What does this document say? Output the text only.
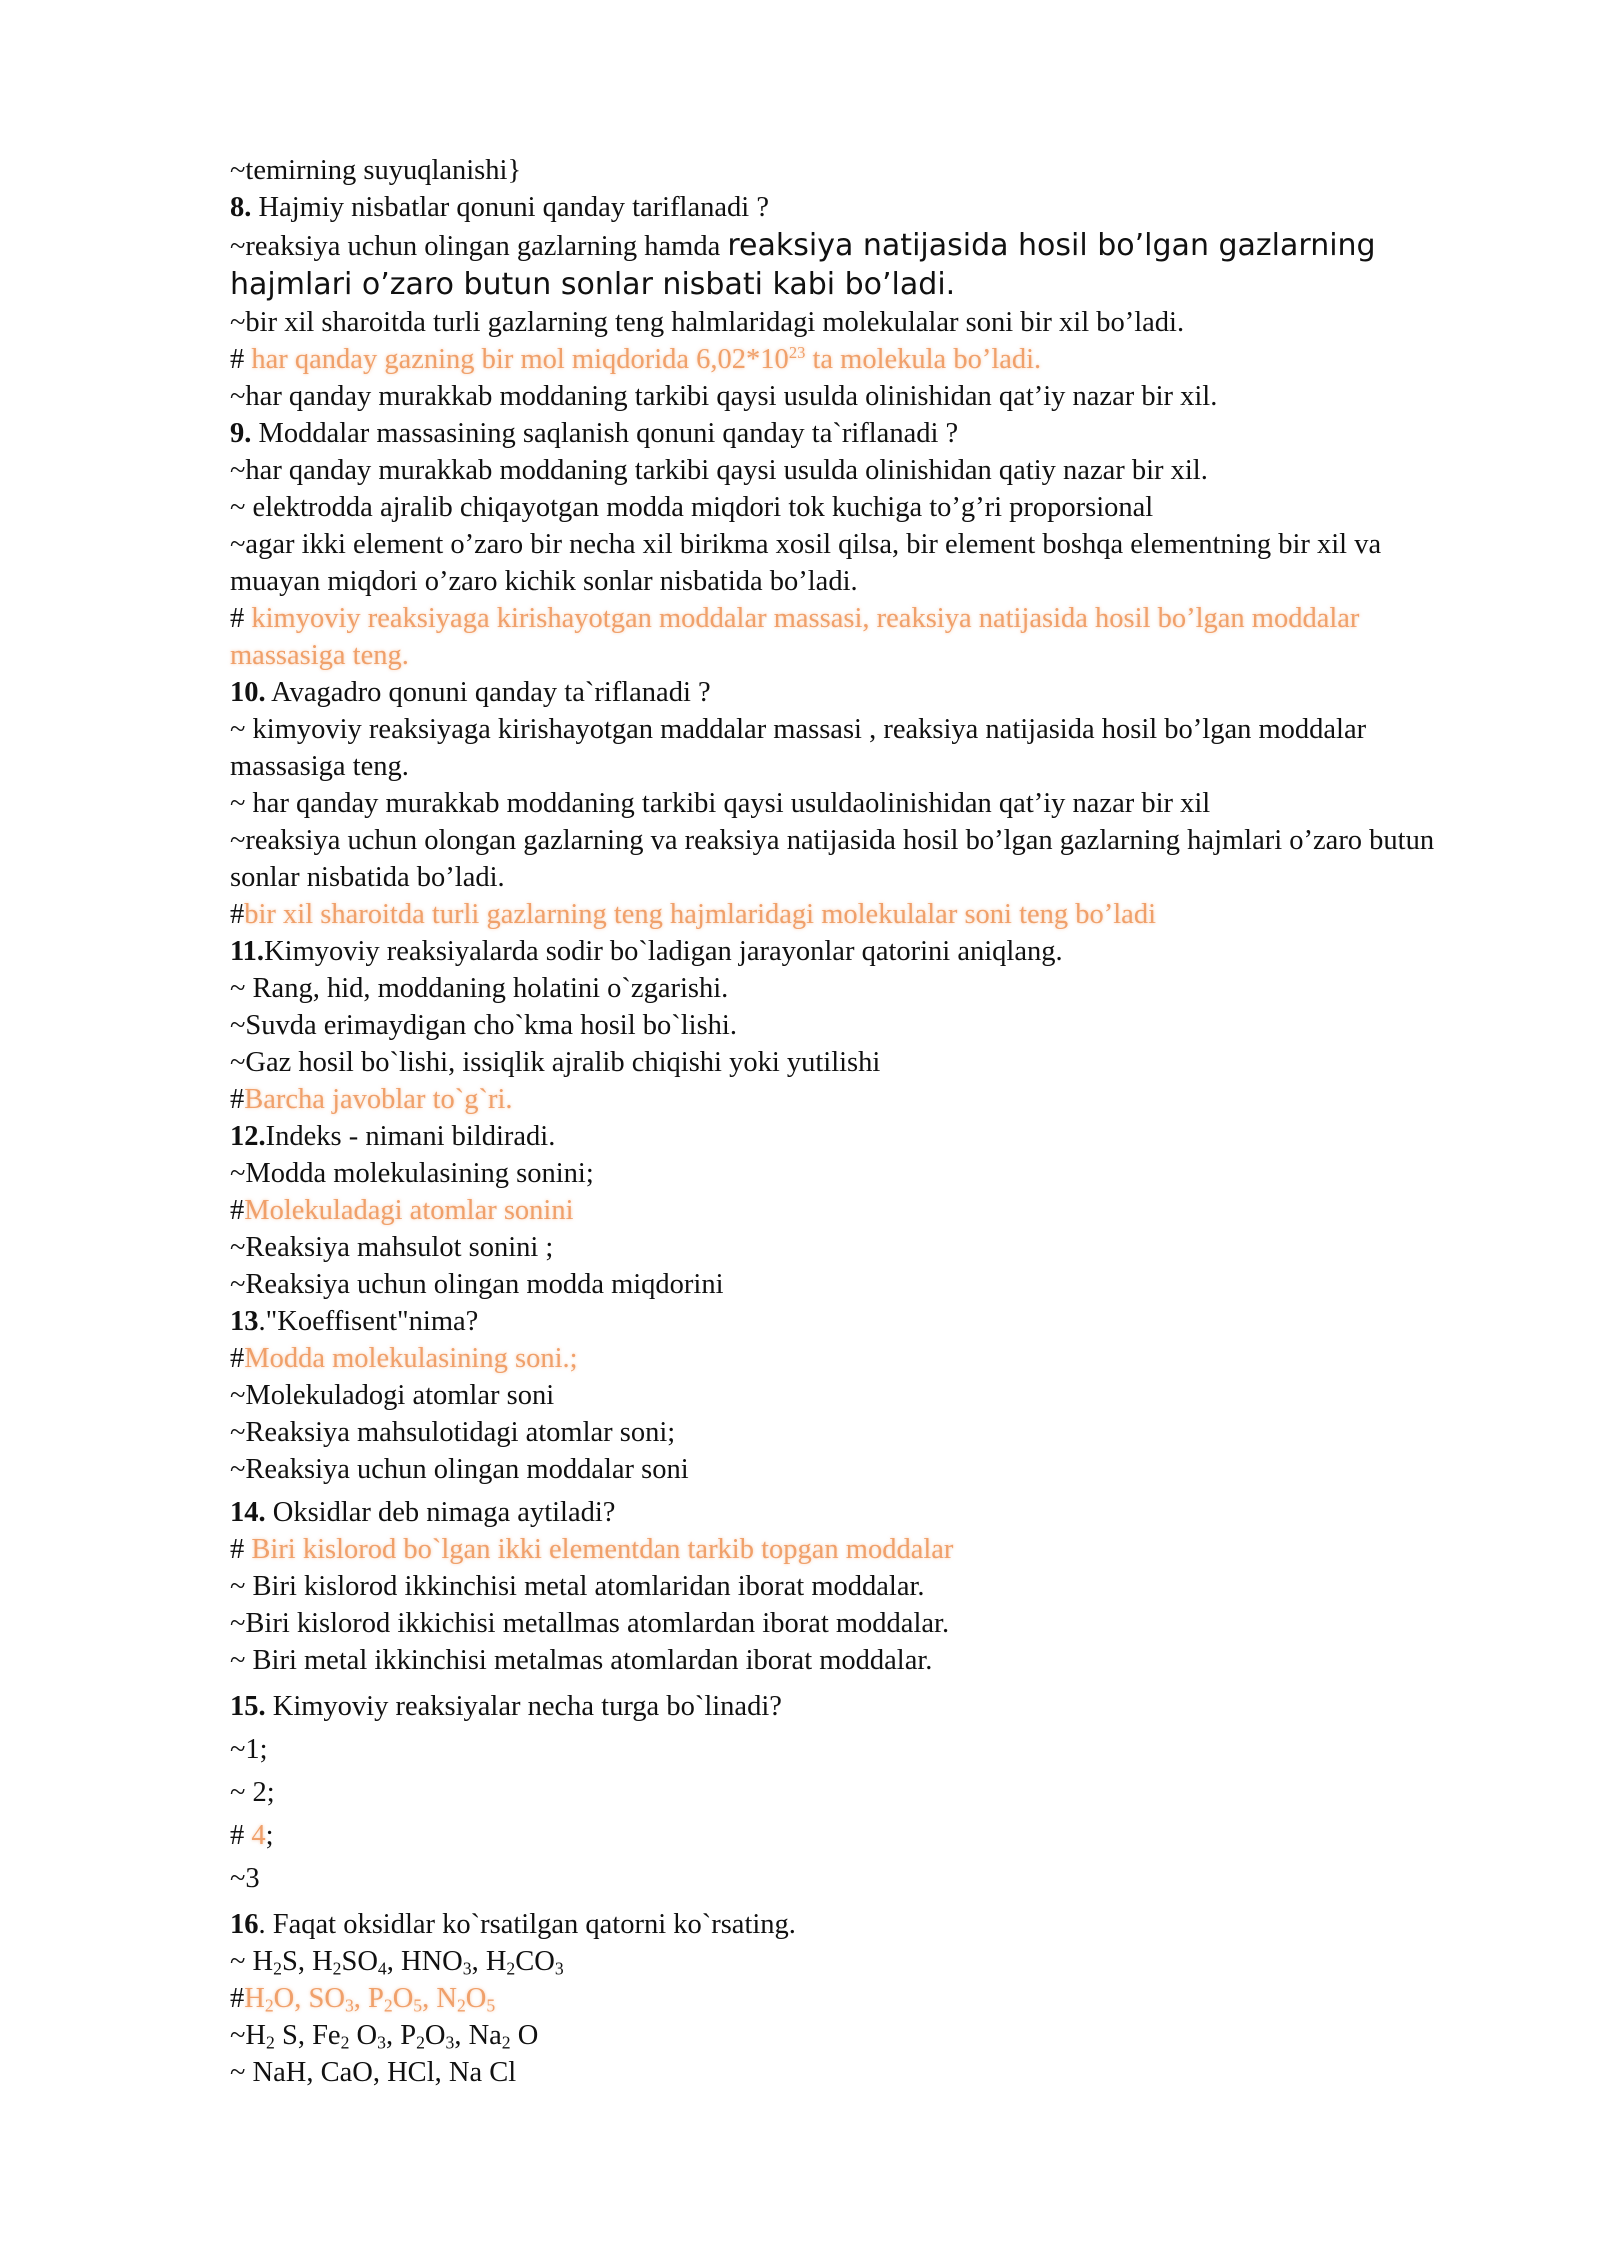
~temirning suyuqlanishi}
8. Hajmiy nisbatlar qonuni qanday tariflanadi ?
~reaksiya uchun olingan gazlarning hamda reaksiya natijasida hosil bo’lgan gazlarning hajmlari o’zaro butun sonlar nisbati kabi bo’ladi.
~bir xil sharoitda turli gazlarning teng halmlaridagi molekulalar soni bir xil bo’ladi.
# har qanday gazning bir mol miqdorida $6,02*10^{23}$ ta molekula bo’ladi.
~har qanday murakkab moddaning tarkibi qaysi usulda olinishidan qat’iy nazar bir xil.
9. Moddalar massasining saqlanish qonuni qanday ta`riflanadi ?
~har qanday murakkab moddaning tarkibi qaysi usulda olinishidan qatiy nazar bir xil.
~ elektrodda ajralib chiqayotgan modda miqdori tok kuchiga to’g’ri proporsional
~agar ikki element o’zaro bir necha xil birikma xosil qilsa, bir element boshqa elementning bir xil va muayan miqdori o’zaro kichik sonlar nisbatida bo’ladi.
# kimyoviy reaksiyaga kirishayotgan moddalar massasi, reaksiya natijasida hosil bo’lgan moddalar massasiga teng.
10. Avagadro qonuni qanday ta`riflanadi ?
~ kimyoviy reaksiyaga kirishayotgan maddalar massasi , reaksiya natijasida hosil bo’lgan moddalar massasiga teng.
~ har qanday murakkab moddaning tarkibi qaysi usuldaolinishidan qat’iy nazar bir xil
~reaksiya uchun olongan gazlarning va reaksiya natijasida hosil bo’lgan gazlarning hajmlari o’zaro butun sonlar nisbatida bo’ladi.
#bir xil sharoitda turli gazlarning teng hajmlaridagi molekulalar soni teng bo’ladi
11.Kimyoviy reaksiyalarda sodir bo`ladigan jarayonlar qatorini aniqlang.
~ Rang, hid, moddaning holatini o`zgarishi.
~Suvda erimaydigan cho`kma hosil bo`lishi.
~Gaz hosil bo`lishi, issiqlik ajralib chiqishi yoki yutilishi
#Barcha javoblar to`g`ri.
12.Indeks - nimani bildiradi.
~Modda molekulasining sonini;
#Molekuladagi atomlar sonini
~Reaksiya mahsulot sonini ;
~Reaksiya uchun olingan modda miqdorini
13."Koeffisent"nima?
#Modda molekulasining soni.;
~Molekuladogi atomlar soni
~Reaksiya mahsulotidagi atomlar soni;
~Reaksiya uchun olingan moddalar soni
14. Oksidlar deb nimaga aytiladi?
# Biri kislorod bo`lgan ikki elementdan tarkib topgan moddalar
~ Biri kislorod ikkinchisi metal atomlaridan iborat moddalar.
~Biri kislorod ikkichisi metallmas atomlardan iborat moddalar.
~ Biri metal ikkinchisi metalmas atomlardan iborat moddalar.
15. Kimyoviy reaksiyalar necha turga bo`linadi?
~1;
~ 2;
# 4;
~3
16. Faqat oksidlar ko`rsatilgan qatorni ko`rsating.
~ $H_2S$, $H_2SO_4$, $HNO_3$, $H_2CO_3$
$\#H_2O$, $SO_3$, $P_2O_5$, $N_2O_5$
$\sim H_2$ S, $Fe_2$ $O_3$, $P_2O_3$, $Na_2$ O
~ NaH, CaO, HCl, Na Cl
